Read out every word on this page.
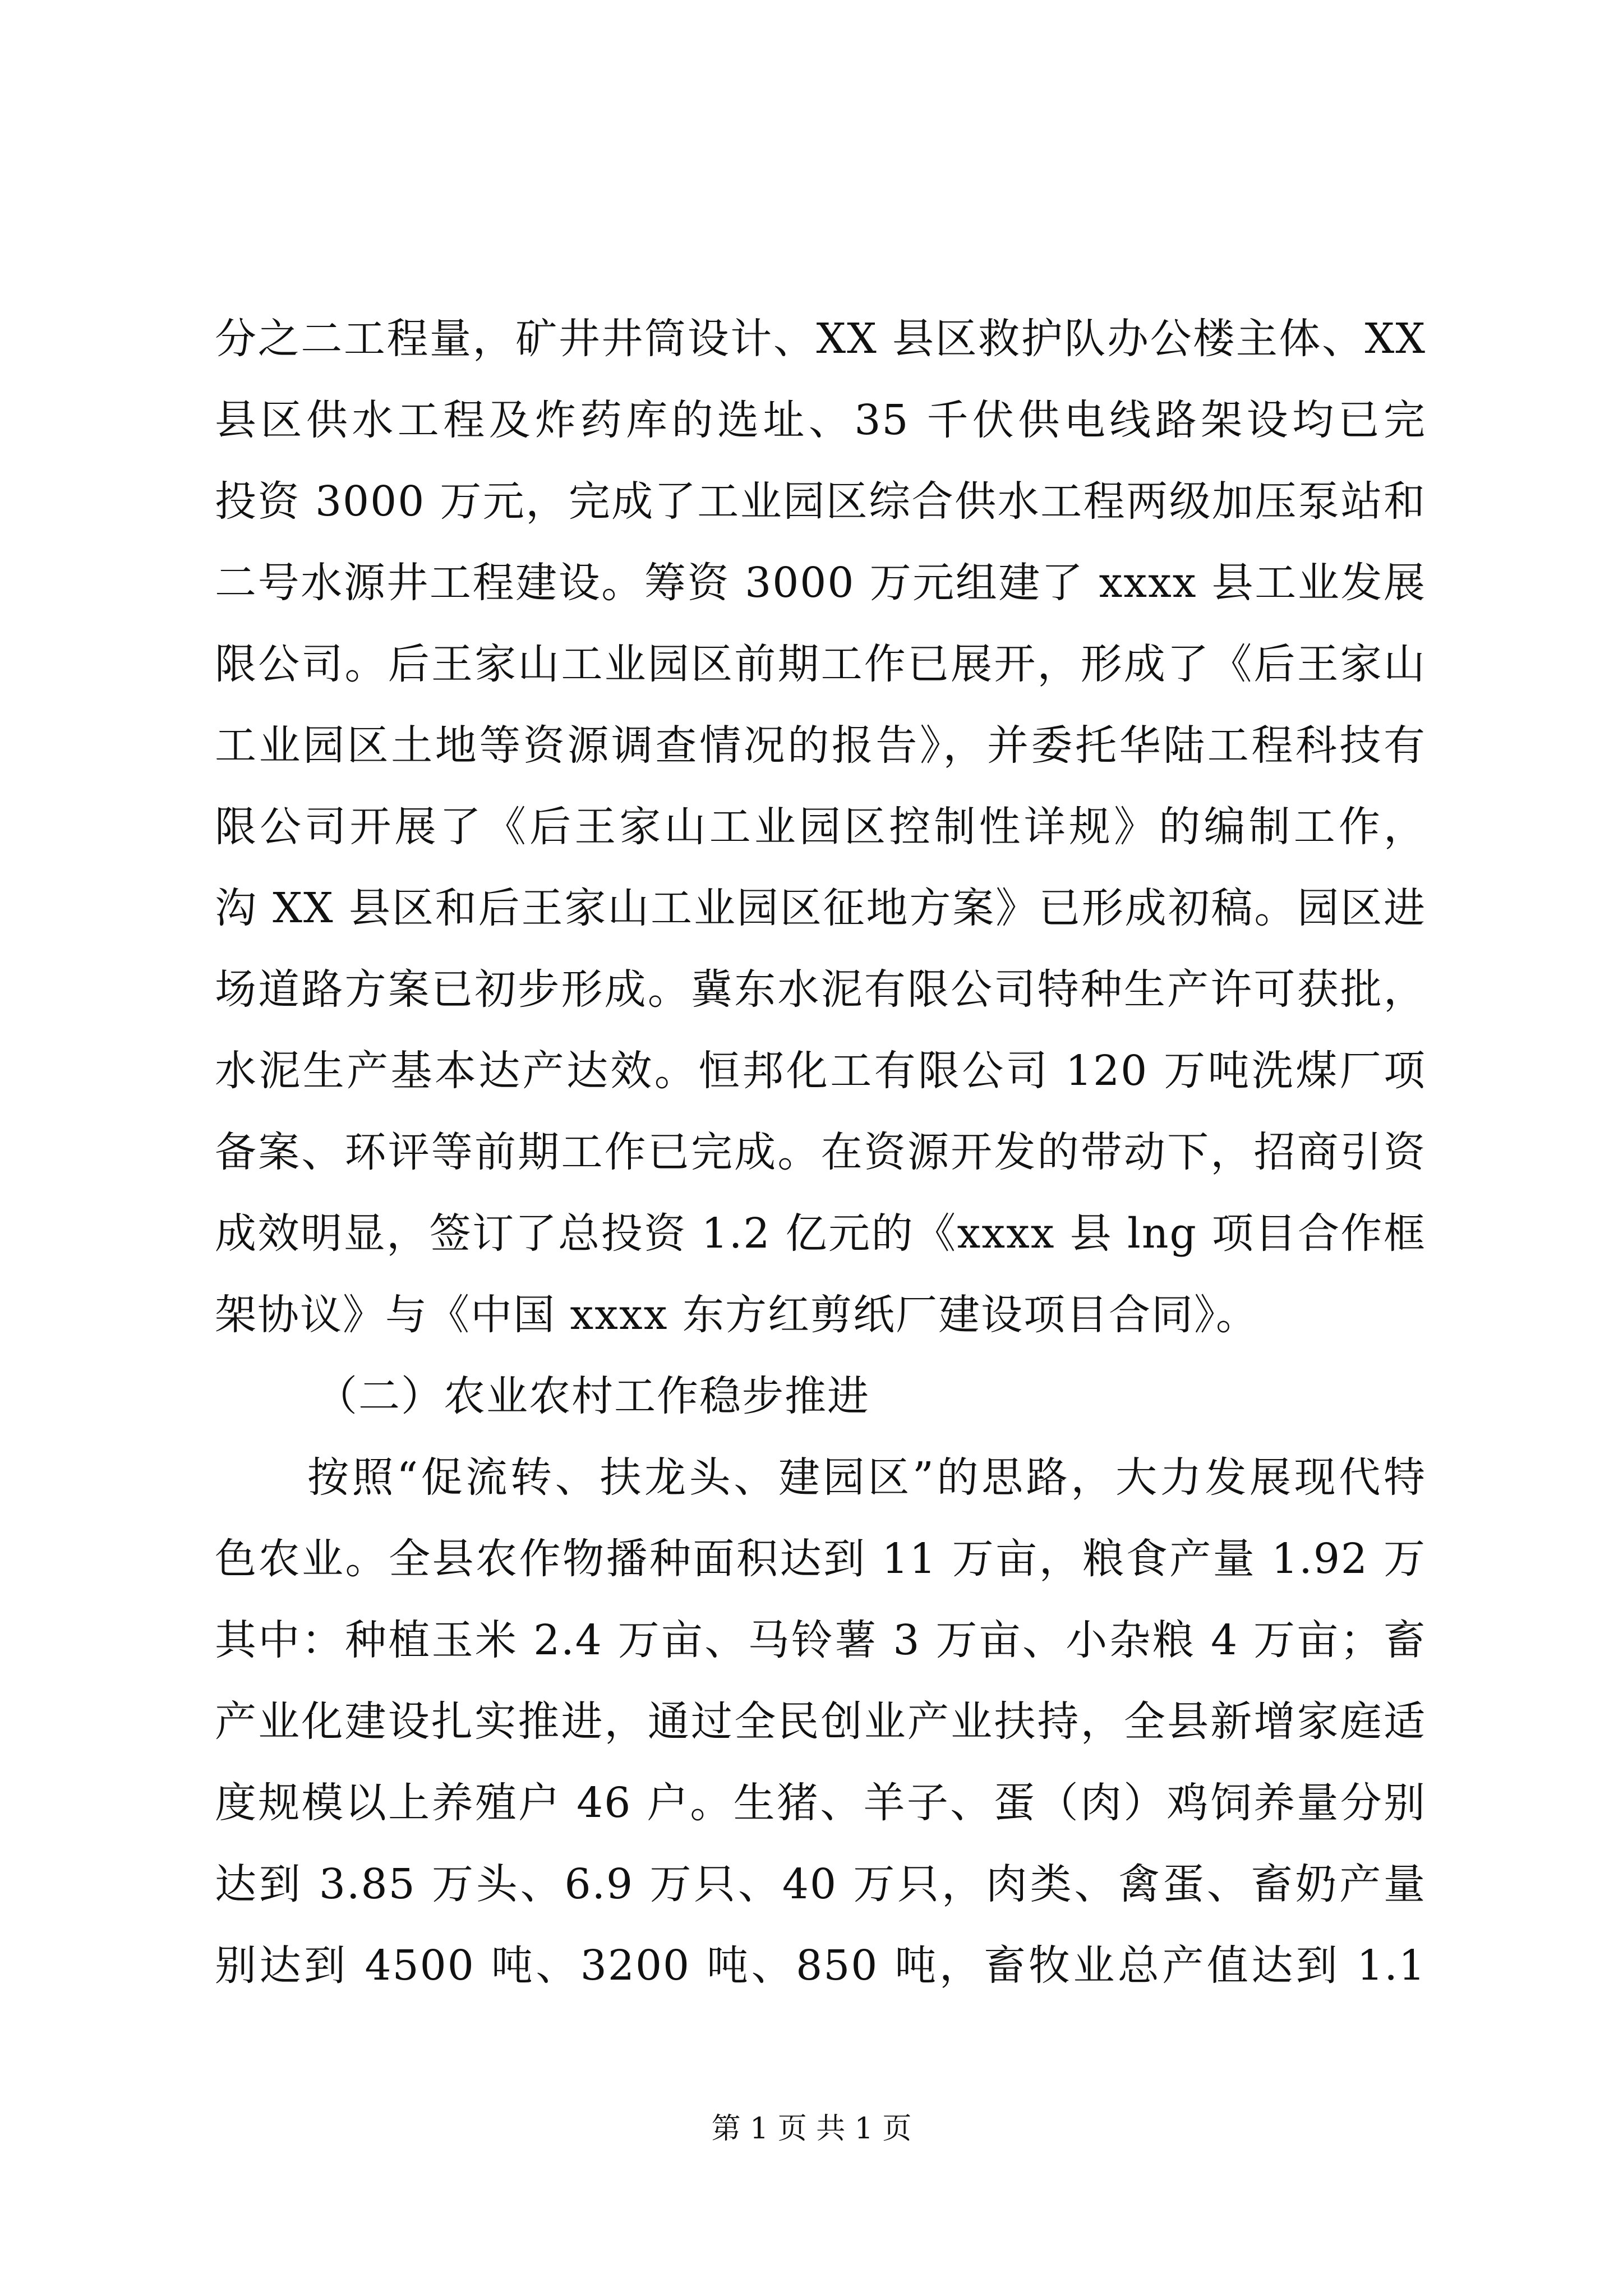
分之二工程量，矿井井筒设计、XX 县区救护队办公楼主体、XX
县区供水工程及炸药库的选址、35 千伏供电线路架设均已完
投资 3000 万元，完成了工业园区综合供水工程两级加压泵站和
二号水源井工程建设。筹资 3000 万元组建了 xxxx 县工业发展
限公司。后王家山工业园区前期工作已展开，形成了《后王家山
工业园区土地等资源调查情况的报告》，并委托华陆工程科技有
限公司开展了《后王家山工业园区控制性详规》的编制工作，
沟 XX 县区和后王家山工业园区征地方案》已形成初稿。园区进
场道路方案已初步形成。冀东水泥有限公司特种生产许可获批，
水泥生产基本达产达效。恒邦化工有限公司 120 万吨洗煤厂项
备案、环评等前期工作已完成。在资源开发的带动下，招商引资
成效明显，签订了总投资 1.2 亿元的《xxxx 县 lng 项目合作框
架协议》与《中国 xxxx 东方红剪纸厂建设项目合同》。
（二）农业农村工作稳步推进
按照“促流转、扶龙头、建园区”的思路，大力发展现代特
色农业。全县农作物播种面积达到 11 万亩，粮食产量 1.92 万
其中：种植玉米 2.4 万亩、马铃薯 3 万亩、小杂粮 4 万亩；畜
产业化建设扎实推进，通过全民创业产业扶持，全县新增家庭适
度规模以上养殖户 46 户。生猪、羊子、蛋（肉）鸡饲养量分别
达到 3.85 万头、6.9 万只、40 万只，肉类、禽蛋、畜奶产量
别达到 4500 吨、3200 吨、850 吨，畜牧业总产值达到 1.1
第 1 页 共 1 页
